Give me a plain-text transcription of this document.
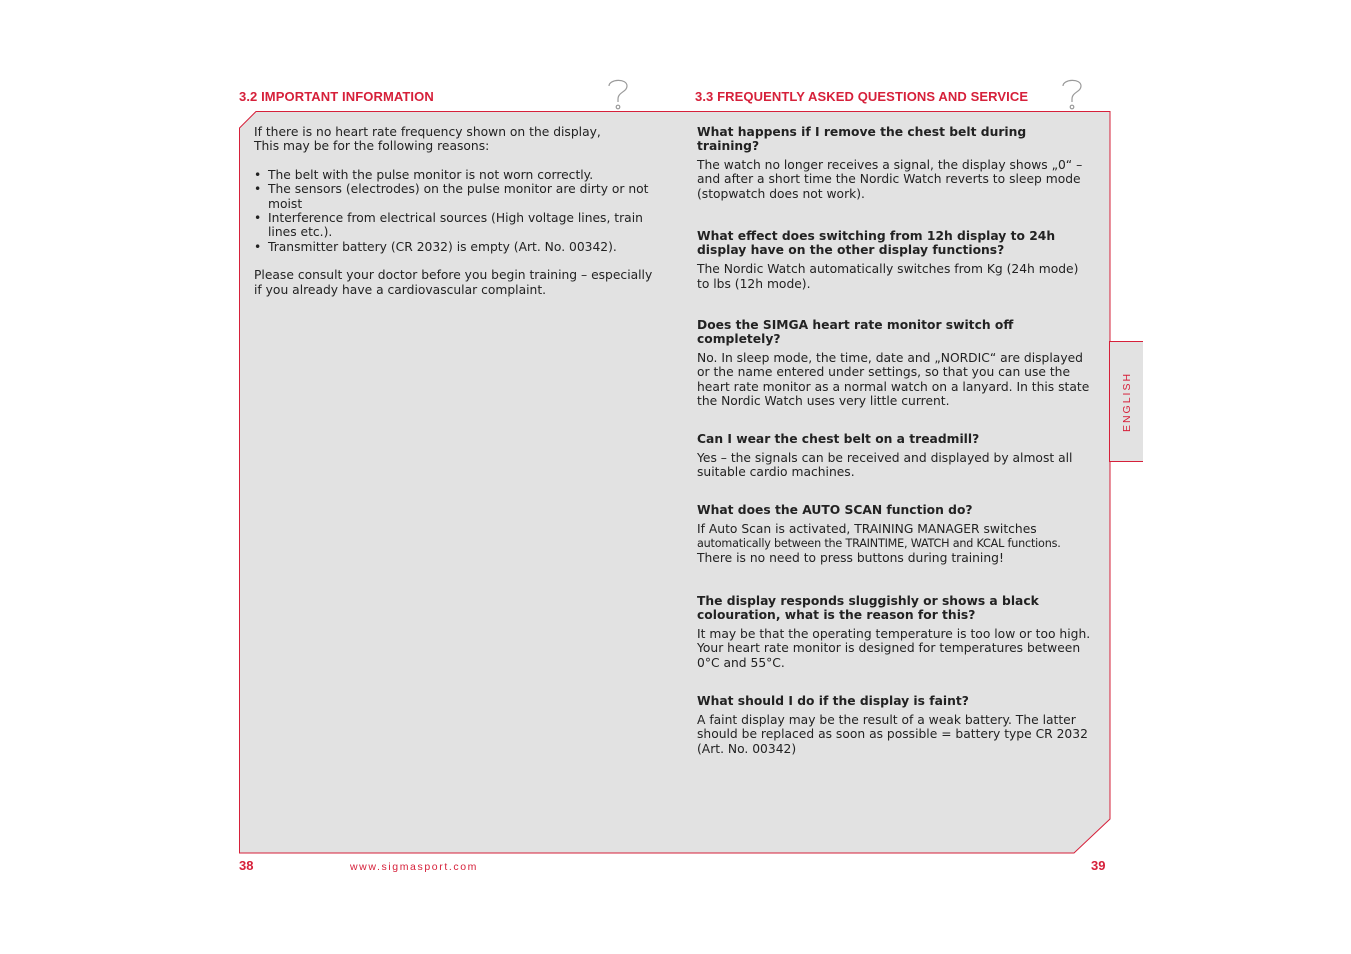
3.2 IMPORTANT INFORMATION	3.3 FREQUENTLY ASKED QUESTIONS AND SERVICE

If there is no heart rate frequency shown on the display,

This may be for the following reasons:

• The belt with the pulse monitor is not worn correctly.
• The sensors (electrodes) on the pulse monitor are dirty or not moist
• Interference from electrical sources (High voltage lines, train lines etc.).
• Transmitter battery (CR 2032) is empty (Art. No. 00342).

Please consult your doctor before you begin training – especially if you already have a cardiovascular complaint.

What happens if I remove the chest belt during training?

The watch no longer receives a signal, the display shows „0“ – and after a short time the Nordic Watch reverts to sleep mode (stopwatch does not work).

What effect does switching from 12h display to 24h display have on the other display functions?

The Nordic Watch automatically switches from Kg (24h mode) to lbs (12h mode).

Does the SIMGA heart rate monitor switch off completely?

No. In sleep mode, the time, date and „NORDIC“ are displayed or the name entered under settings, so that you can use the heart rate monitor as a normal watch on a lanyard. In this state the Nordic Watch uses very little current.

Can I wear the chest belt on a treadmill?

Yes – the signals can be received and displayed by almost all suitable cardio machines.

What does the AUTO SCAN function do?

If Auto Scan is activated, TRAINING MANAGER switches

automatically between the TRAINTIME, WATCH and KCAL functions.

There is no need to press buttons during training!

The display responds sluggishly or shows a black colouration, what is the reason for this?

It may be that the operating temperature is too low or too high. Your heart rate monitor is designed for temperatures between 0°C and 55°C.

What should I do if the display is faint?

A faint display may be the result of a weak battery. The latter should be replaced as soon as possible = battery type CR 2032 (Art. No. 00342)

ENGLISH
38	www.sigmasport.com	39
